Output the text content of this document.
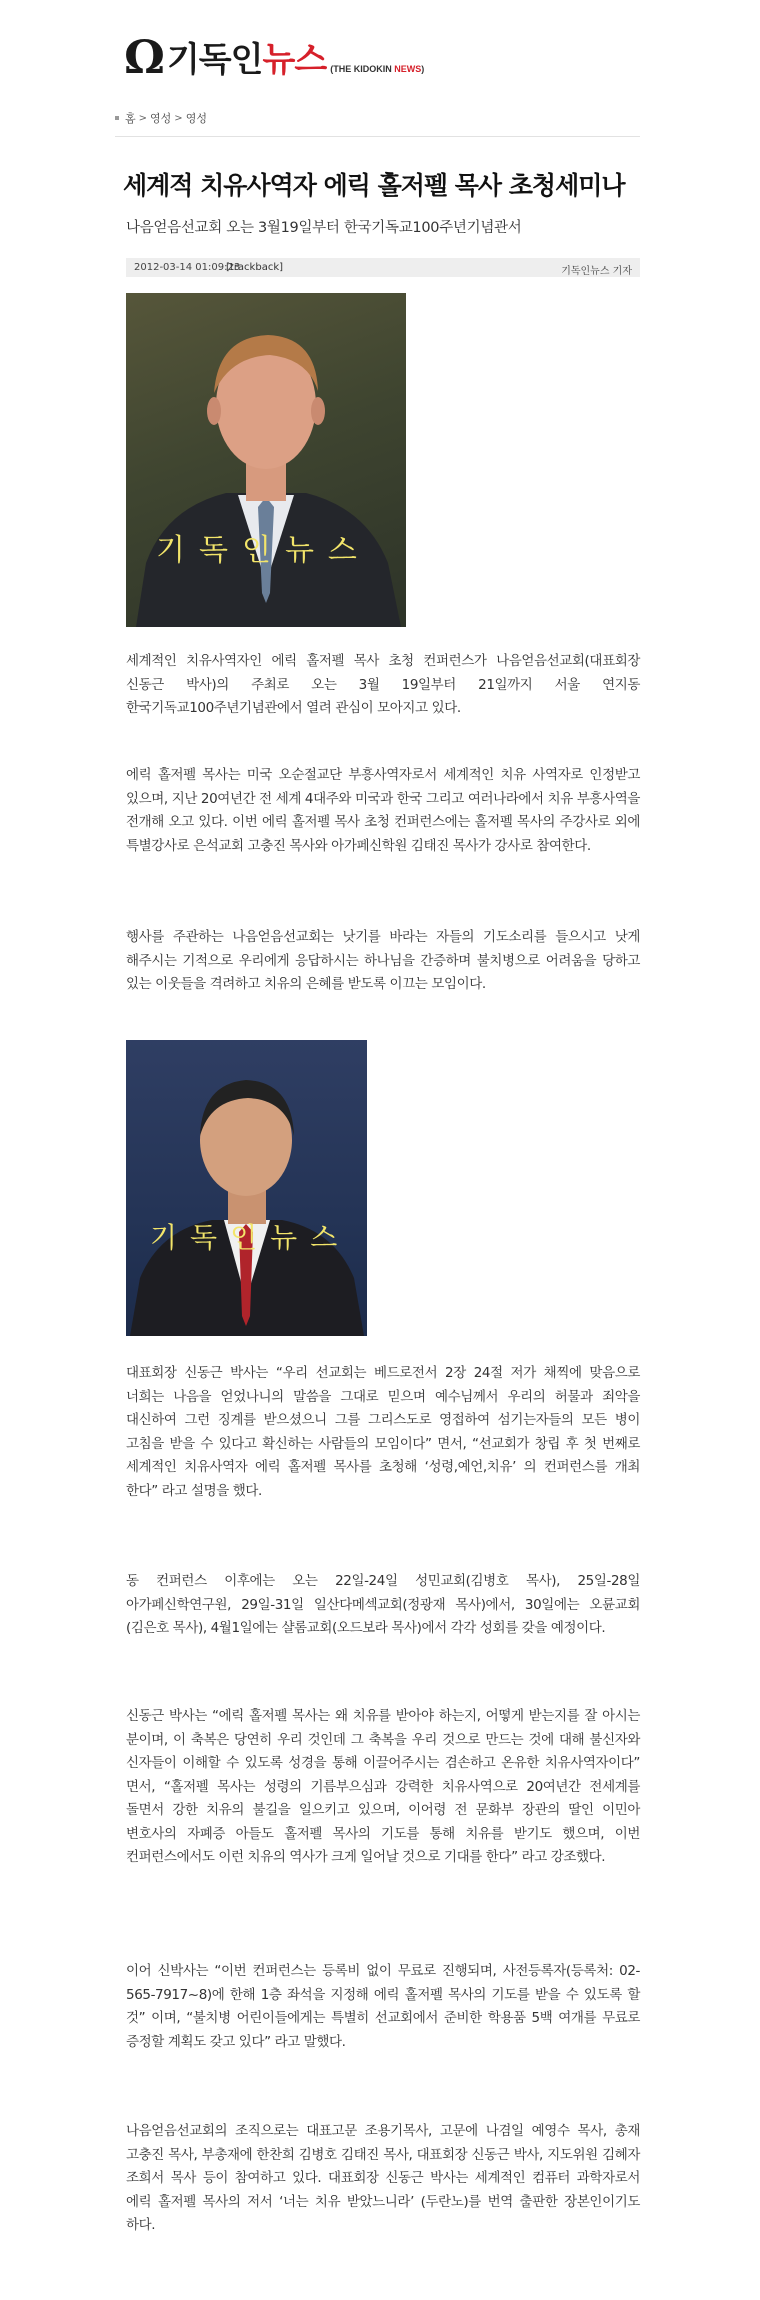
Ω 기독인 뉴스 (THE KIDOKIN NEWS)
홈 > 영성 > 영성
세계적 치유사역자 에릭 홀저펠 목사 초청세미나
나음얻음선교회 오는 3월19일부터 한국기독교100주년기념관서
2012-03-14 01:09:23
[trackback]	기독인뉴스 기자
기독인뉴스
세계적인 치유사역자인 에릭 홀저펠 목사 초청 컨퍼런스가 나음얻음선교회(대표회장 신동근 박사)의 주최로 오는 3월 19일부터 21일까지 서울 연지동 한국기독교100주년기념관에서 열려 관심이 모아지고 있다.
에릭 홀저펠 목사는 미국 오순절교단 부흥사역자로서 세계적인 치유 사역자로 인정받고 있으며, 지난 20여년간 전 세계 4대주와 미국과 한국 그리고 여러나라에서 치유 부흥사역을 전개해 오고 있다. 이번 에릭 홀저펠 목사 초청 컨퍼런스에는 홀저펠 목사의 주강사로 외에 특별강사로 은석교회 고충진 목사와 아가페신학원 김태진 목사가 강사로 참여한다.
행사를 주관하는 나음얻음선교회는 낫기를 바라는 자들의 기도소리를 들으시고 낫게 해주시는 기적으로 우리에게 응답하시는 하나님을 간증하며 불치병으로 어려움을 당하고 있는 이웃들을 격려하고 치유의 은혜를 받도록 이끄는 모임이다.
기독인뉴스
대표회장 신동근 박사는 “우리 선교회는 베드로전서 2장 24절 저가 채찍에 맞음으로 너희는 나음을 얻었나니의 말씀을 그대로 믿으며 예수님께서 우리의 허물과 죄악을 대신하여 그런 징계를 받으셨으니 그를 그리스도로 영접하여 섬기는자들의 모든 병이 고침을 받을 수 있다고 확신하는 사람들의 모임이다” 면서, “선교회가 창립 후 첫 번째로 세계적인 치유사역자 에릭 홀저펠 목사를 초청해 ‘성령,예언,치유’ 의 컨퍼런스를 개최 한다” 라고 설명을 했다.
동 컨퍼런스 이후에는 오는 22일-24일 성민교회(김병호 목사), 25일-28일 아가페신학연구원, 29일-31일 일산다메섹교회(정광재 목사)에서, 30일에는 오륜교회(김은호 목사), 4월1일에는 샬롬교회(오드보라 목사)에서 각각 성회를 갖을 예정이다.
신동근 박사는 “에릭 홀저펠 목사는 왜 치유를 받아야 하는지, 어떻게 받는지를 잘 아시는 분이며, 이 축복은 당연히 우리 것인데 그 축복을 우리 것으로 만드는 것에 대해 불신자와 신자들이 이해할 수 있도록 성경을 통해 이끌어주시는 겸손하고 온유한 치유사역자이다” 면서, “홀저펠 목사는 성령의 기름부으심과 강력한 치유사역으로 20여년간 전세계를 돌면서 강한 치유의 불길을 일으키고 있으며, 이어령 전 문화부 장관의 딸인 이민아 변호사의 자폐증 아들도 홀저펠 목사의 기도를 통해 치유를 받기도 했으며, 이번 컨퍼런스에서도 이런 치유의 역사가 크게 일어날 것으로 기대를 한다” 라고 강조했다.
이어 신박사는 “이번 컨퍼런스는 등록비 없이 무료로 진행되며, 사전등록자(등록처: 02-565-7917~8)에 한해 1층 좌석을 지정해 에릭 홀저펠 목사의 기도를 받을 수 있도록 할 것” 이며, “불치병 어린이들에게는 특별히 선교회에서 준비한 학용품 5백 여개를 무료로 증정할 계획도 갖고 있다” 라고 말했다.
나음얻음선교회의 조직으로는 대표고문 조용기목사, 고문에 나겸일 예영수 목사, 총재 고충진 목사, 부총재에 한찬희 김병호 김태진 목사, 대표회장 신동근 박사, 지도위원 김혜자 조희서 목사 등이 참여하고 있다. 대표회장 신동근 박사는 세계적인 컴퓨터 과학자로서 에릭 홀저펠 목사의 저서 ‘너는 치유 받았느니라’ (두란노)를 번역 출판한 장본인이기도 하다.
